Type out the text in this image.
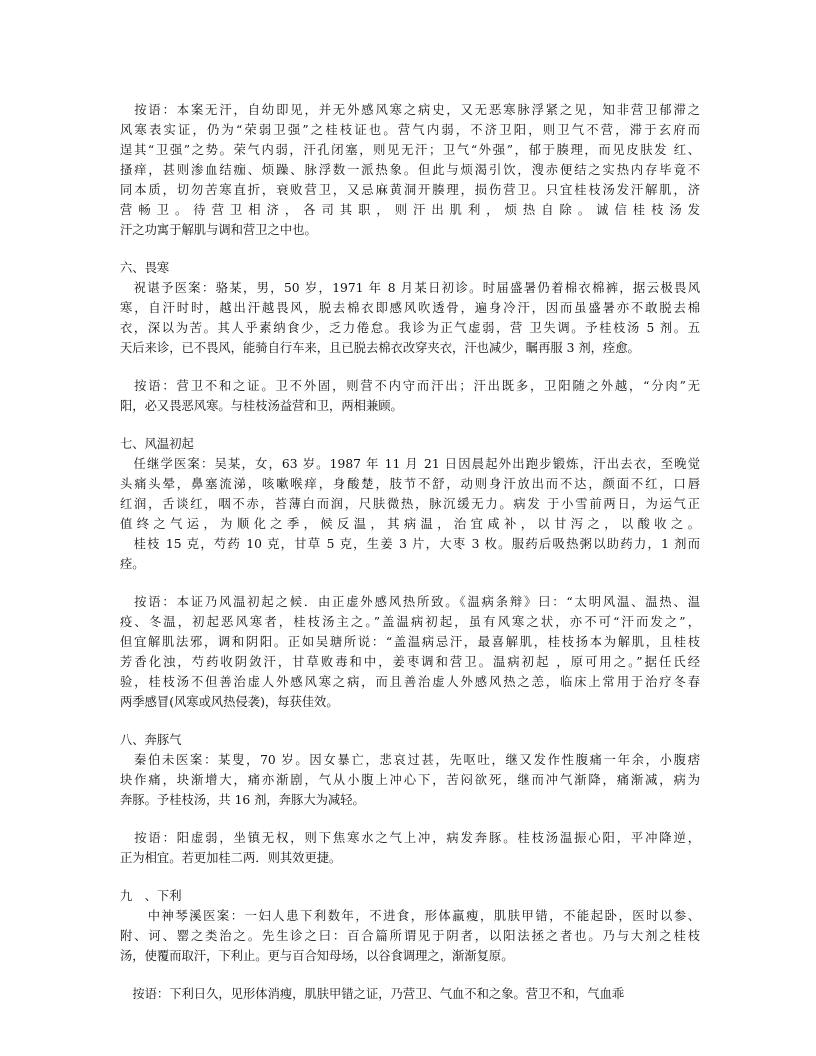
　按语：本案无汗，自幼即见，并无外感风寒之病史，又无恶寒脉浮紧之见，知非营卫郁滞之
风寒表实证，仍为“荣弱卫强”之桂枝证也。营气内弱，不济卫阳，则卫气不营，滞于玄府而
逞其“卫强”之势。荣气内弱，汗孔闭塞，则见无汗；卫气“外强”，郁于腠理，而见皮肤发 红、
搔痒，甚则渗血结痂、烦躁、脉浮数一派热象。但此与烦渴引饮，溲赤便结之实热内存毕竟不
同本质，切勿苦寒直折，衰败营卫，又忌麻黄洞开腠理，损伤营卫。只宜桂枝汤发汗解肌，济
营畅卫。待营卫相济，各司其职，则汗出肌利，烦热自除。诚信桂枝汤发
汗之功寓于解肌与调和营卫之中也。
六、畏寒
　祝谌予医案：骆某，男，50 岁，1971 年 8 月某日初诊。时届盛暑仍着棉衣棉裤，据云极畏风
寒，自汗时时，越出汗越畏风，脱去棉衣即感风吹透骨，遍身冷汗，因而虽盛暑亦不敢脱去棉
衣，深以为苦。其人乎素纳食少，乏力倦怠。我诊为正气虚弱，营 卫失调。予桂枝汤 5 剂。五
天后来诊，已不畏风，能骑自行车来，且已脱去棉衣改穿夹衣，汗也减少，瞩再服 3 剂，痊愈。
　按语：营卫不和之证。卫不外固，则营不内守而汗出；汗出既多，卫阳随之外越，“分肉”无
阳，必又畏恶风寒。与桂枝汤益营和卫，两相兼顾。
七、风温初起
　任继学医案：吴某，女，63 岁。1987 年 11 月 21 日因晨起外出跑步锻炼，汗出去衣，至晚觉
头痛头晕，鼻塞流涕，咳嗽喉痒，身酸楚，肢节不舒，动则身汗放出而不达，颜面不红，口唇
红润，舌谈红，咽不赤，苔薄白而润，尺肤微热，脉沉缓无力。病发 于小雪前两日，为运气正
值终之气运，为顺化之季，候反温，其病温，治宜咸补，以甘泻之，以酸收之。
　桂枝 15 克，芍药 10 克，甘草 5 克，生姜 3 片，大枣 3 枚。服药后吸热粥以助药力，1 剂而
痊。
　按语：本证乃风温初起之候．由正虚外感风热所致。《温病条辩》曰：“太明风温、温热、温
疫、冬温，初起恶风寒者，桂枝汤主之。”盖温病初起，虽有风寒之状，亦不可“汗而发之”，
但宜解肌法邪，调和阴阳。正如吴瑭所说：“盖温病忌汗，最喜解肌，桂枝扬本为解肌，且桂枝
芳香化浊，芍药收阴敛汗，甘草败毒和中，姜枣调和营卫。温病初起 ，原可用之。”据任氏经
验，桂枝汤不但善治虚人外感风寒之病，而且善治虚人外感风热之恙，临床上常用于治疗冬春
两季感冒(风寒或风热侵袭)，每获佳效。
八、奔豚气
　秦伯未医案：某叟，70 岁。因女暴亡，悲哀过甚，先呕吐，继又发作性腹痛一年余，小腹痞
块作痛，块渐增大，痛亦渐剧，气从小腹上冲心下，苦闷欲死，继而冲气渐降，痛渐减，病为
奔豚。予桂枝汤，共 16 剂，奔豚大为减轻。
　按语：阳虚弱，坐镇无权，则下焦寒水之气上冲，病发奔豚。桂枝汤温振心阳，平冲降逆，
正为相宜。若更加桂二两．则其效更捷。
九　、下利
　　中神琴溪医案：一妇人患下利数年，不进食，形体羸瘦，肌肤甲错，不能起卧，医时以参、
附、诃、罂之类治之。先生诊之曰：百合篇所谓见于阴者，以阳法拯之者也。乃与大剂之桂枝
汤，使覆而取汗，下利止。更与百合知母场，以谷食调理之，渐渐复原。
　按语：下利日久，见形体消瘦，肌肤甲错之证，乃营卫、气血不和之象。营卫不和，气血乖
